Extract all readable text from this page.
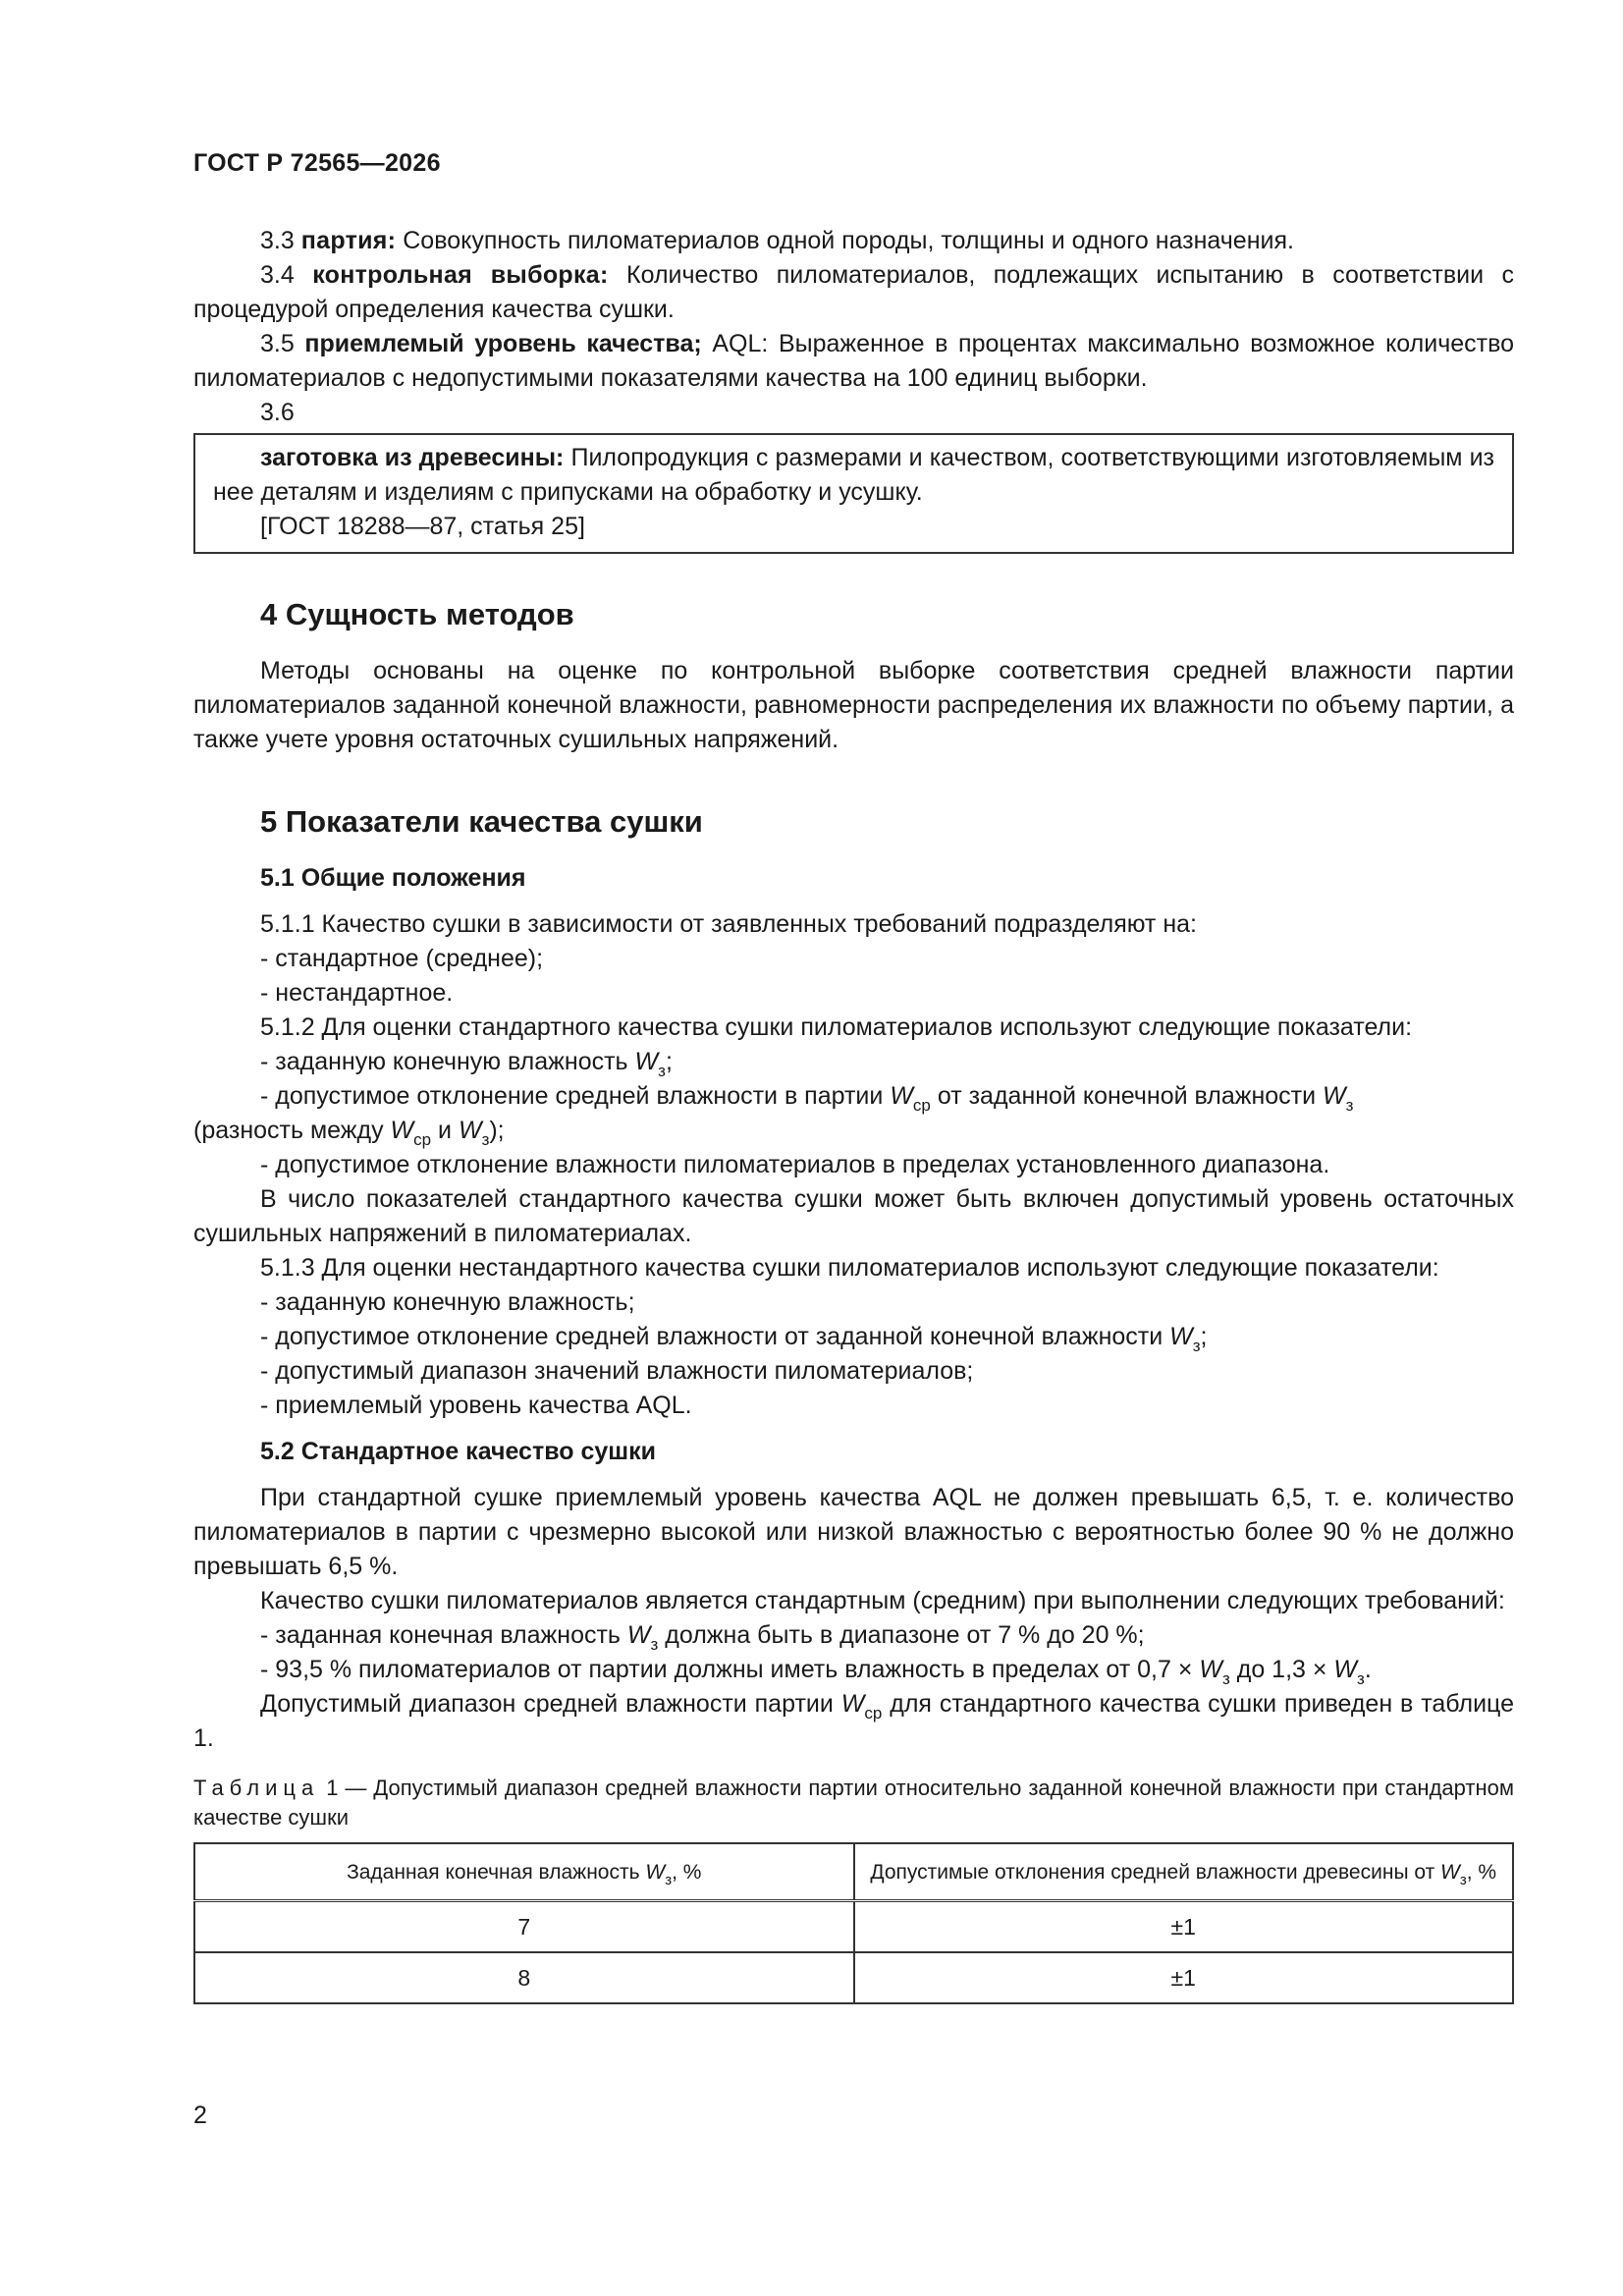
ГОСТ Р 72565—2026

3.3 партия: Совокупность пиломатериалов одной породы, толщины и одного назначения.

3.4 контрольная выборка: Количество пиломатериалов, подлежащих испытанию в соответствии с процедурой определения качества сушки.

3.5 приемлемый уровень качества; AQL: Выраженное в процентах максимально возможное количество пиломатериалов с недопустимыми показателями качества на 100 единиц выборки.

3.6

заготовка из древесины: Пилопродукция с размерами и качеством, соответствующими изготовляемым из нее деталям и изделиям с припусками на обработку и усушку.

[ГОСТ 18288—87, статья 25]
4 Сущность методов

Методы основаны на оценке по контрольной выборке соответствия средней влажности партии пиломатериалов заданной конечной влажности, равномерности распределения их влажности по объему партии, а также учете уровня остаточных сушильных напряжений.

5 Показатели качества сушки
5.1 Общие положения

5.1.1 Качество сушки в зависимости от заявленных требований подразделяют на:

- стандартное (среднее);

- нестандартное.

5.1.2 Для оценки стандартного качества сушки пиломатериалов используют следующие показатели:

- заданную конечную влажность $W_з$;

- допустимое отклонение средней влажности в партии $W_{ср}$ от заданной конечной влажности $W_з$
(разность между $W_{ср}$ и $W_з$);

- допустимое отклонение влажности пиломатериалов в пределах установленного диапазона.

В число показателей стандартного качества сушки может быть включен допустимый уровень остаточных сушильных напряжений в пиломатериалах.

5.1.3 Для оценки нестандартного качества сушки пиломатериалов используют следующие показатели:

- заданную конечную влажность;

- допустимое отклонение средней влажности от заданной конечной влажности $W_з$;

- допустимый диапазон значений влажности пиломатериалов;

- приемлемый уровень качества AQL.

5.2 Стандартное качество сушки

При стандартной сушке приемлемый уровень качества AQL не должен превышать 6,5, т. е. количество пиломатериалов в партии с чрезмерно высокой или низкой влажностью с вероятностью более 90 % не должно превышать 6,5 %.

Качество сушки пиломатериалов является стандартным (средним) при выполнении следующих требований:

- заданная конечная влажность $W_з$ должна быть в диапазоне от 7 % до 20 %;

- 93,5 % пиломатериалов от партии должны иметь влажность в пределах от $0,7 \times W_з$ до $1,3 \times W_з$.

Допустимый диапазон средней влажности партии $W_{ср}$ для стандартного качества сушки приведен в таблице 1.

Таблица 1 — Допустимый диапазон средней влажности партии относительно заданной конечной влажности при стандартном качестве сушки
Заданная конечная влажность $W_з$, %	Допустимые отклонения средней влажности древесины от $W_з$, %
7	±1
8	±1
2
